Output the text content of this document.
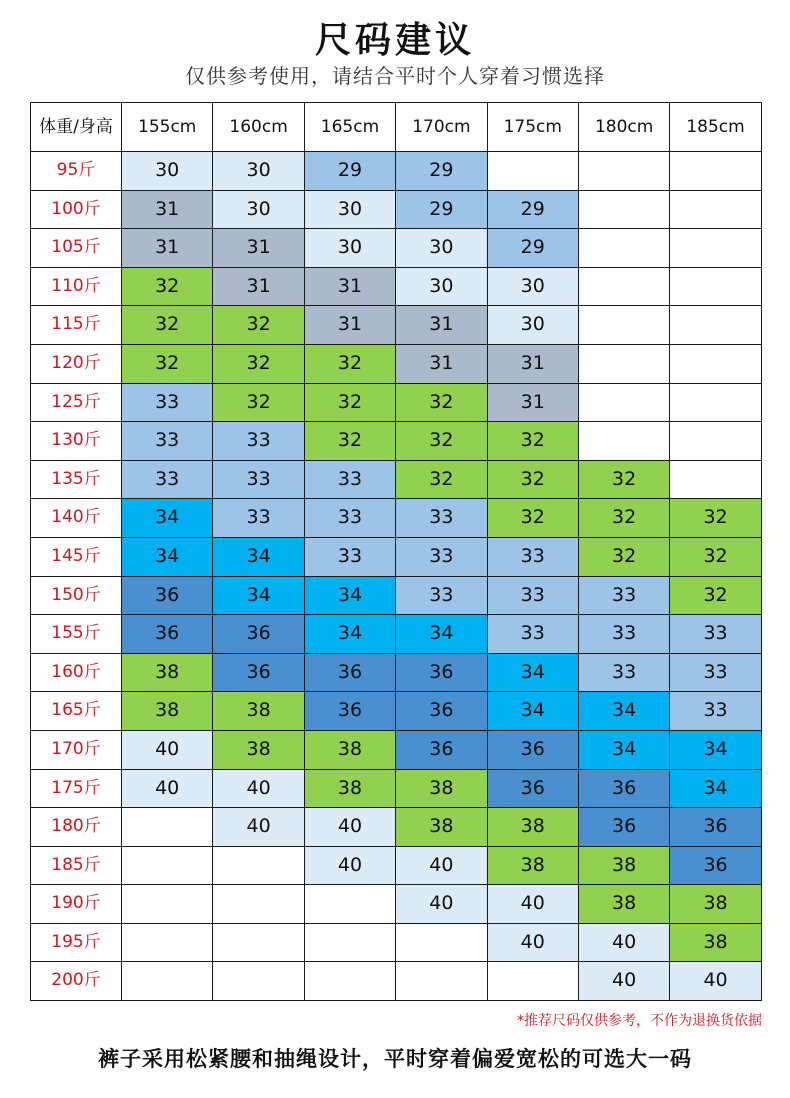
尺码建议
仅供参考使用，请结合平时个人穿着习惯选择
体重/身高	155cm	160cm	165cm	170cm	175cm	180cm	185cm
95斤	30	30	29	29			
100斤	31	30	30	29	29		
105斤	31	31	30	30	29		
110斤	32	31	31	30	30		
115斤	32	32	31	31	30		
120斤	32	32	32	31	31		
125斤	33	32	32	32	31		
130斤	33	33	32	32	32		
135斤	33	33	33	32	32	32	
140斤	34	33	33	33	32	32	32
145斤	34	34	33	33	33	32	32
150斤	36	34	34	33	33	33	32
155斤	36	36	34	34	33	33	33
160斤	38	36	36	36	34	33	33
165斤	38	38	36	36	34	34	33
170斤	40	38	38	36	36	34	34
175斤	40	40	38	38	36	36	34
180斤		40	40	38	38	36	36
185斤			40	40	38	38	36
190斤				40	40	38	38
195斤					40	40	38
200斤						40	40
*推荐尺码仅供参考，不作为退换货依据
裤子采用松紧腰和抽绳设计，平时穿着偏爱宽松的可选大一码
